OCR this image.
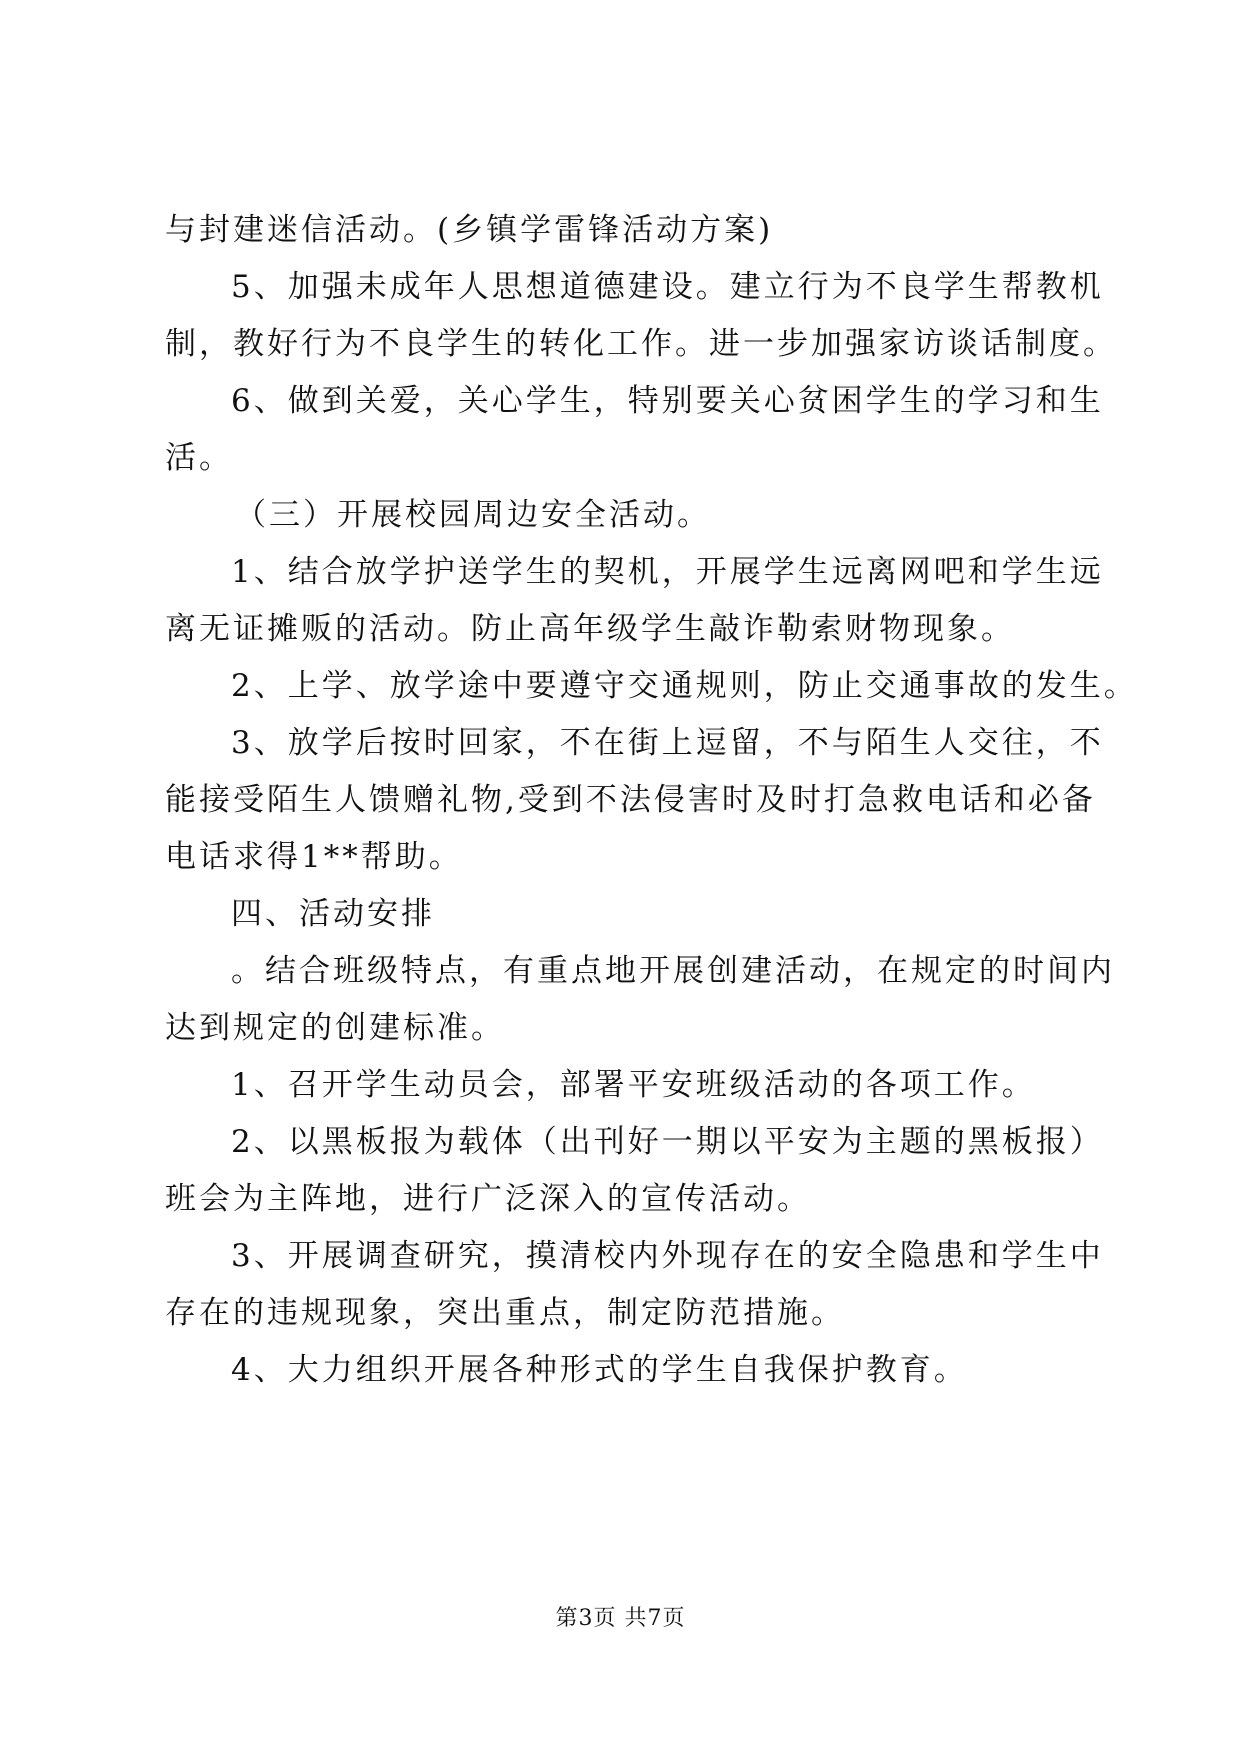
与封建迷信活动。(乡镇学雷锋活动方案)
5、加强未成年人思想道德建设。建立行为不良学生帮教机
制，教好行为不良学生的转化工作。进一步加强家访谈话制度。
6、做到关爱，关心学生，特别要关心贫困学生的学习和生
活。
（三）开展校园周边安全活动。
1、结合放学护送学生的契机，开展学生远离网吧和学生远
离无证摊贩的活动。防止高年级学生敲诈勒索财物现象。
2、上学、放学途中要遵守交通规则，防止交通事故的发生。
3、放学后按时回家，不在街上逗留，不与陌生人交往，不
能接受陌生人馈赠礼物,受到不法侵害时及时打急救电话和必备
电话求得1**帮助。
四、活动安排
。结合班级特点，有重点地开展创建活动，在规定的时间内
达到规定的创建标准。
1、召开学生动员会，部署平安班级活动的各项工作。
2、以黑板报为载体（出刊好一期以平安为主题的黑板报）
班会为主阵地，进行广泛深入的宣传活动。
3、开展调查研究，摸清校内外现存在的安全隐患和学生中
存在的违规现象，突出重点，制定防范措施。
4、大力组织开展各种形式的学生自我保护教育。
第3页 共7页
